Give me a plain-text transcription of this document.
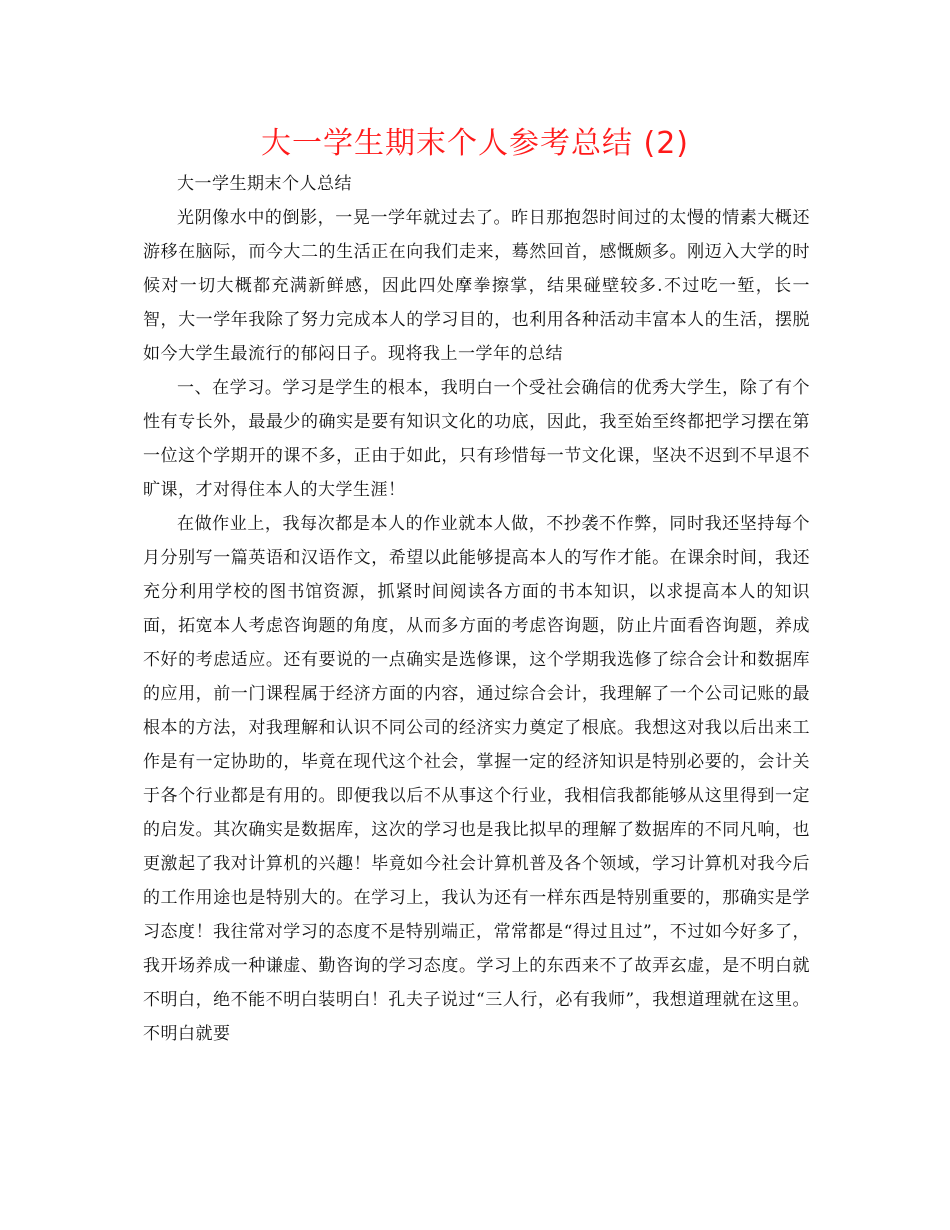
大一学生期末个人参考总结 (2)

大一学生期末个人总结

光阴像水中的倒影，一晃一学年就过去了。昨日那抱怨时间过的太慢的情素大概还游移在脑际，而今大二的生活正在向我们走来，蓦然回首，感慨颇多。刚迈入大学的时候对一切大概都充满新鲜感，因此四处摩拳擦掌，结果碰壁较多.不过吃一堑，长一智，大一学年我除了努力完成本人的学习目的，也利用各种活动丰富本人的生活，摆脱如今大学生最流行的郁闷日子。现将我上一学年的总结

一、在学习。学习是学生的根本，我明白一个受社会确信的优秀大学生，除了有个性有专长外，最最少的确实是要有知识文化的功底，因此，我至始至终都把学习摆在第一位这个学期开的课不多，正由于如此，只有珍惜每一节文化课，坚决不迟到不早退不旷课，才对得住本人的大学生涯！

在做作业上，我每次都是本人的作业就本人做，不抄袭不作弊，同时我还坚持每个月分别写一篇英语和汉语作文，希望以此能够提高本人的写作才能。在课余时间，我还充分利用学校的图书馆资源，抓紧时间阅读各方面的书本知识，以求提高本人的知识面，拓宽本人考虑咨询题的角度，从而多方面的考虑咨询题，防止片面看咨询题，养成不好的考虑适应。还有要说的一点确实是选修课，这个学期我选修了综合会计和数据库的应用，前一门课程属于经济方面的内容，通过综合会计，我理解了一个公司记账的最根本的方法，对我理解和认识不同公司的经济实力奠定了根底。我想这对我以后出来工作是有一定协助的，毕竟在现代这个社会，掌握一定的经济知识是特别必要的，会计关于各个行业都是有用的。即便我以后不从事这个行业，我相信我都能够从这里得到一定的启发。其次确实是数据库，这次的学习也是我比拟早的理解了数据库的不同凡响，也更激起了我对计算机的兴趣！毕竟如今社会计算机普及各个领域，学习计算机对我今后的工作用途也是特别大的。在学习上，我认为还有一样东西是特别重要的，那确实是学习态度！我往常对学习的态度不是特别端正，常常都是“得过且过”，不过如今好多了，我开场养成一种谦虚、勤咨询的学习态度。学习上的东西来不了故弄玄虚，是不明白就不明白，绝不能不明白装明白！孔夫子说过“三人行，必有我师”，我想道理就在这里。不明白就要
